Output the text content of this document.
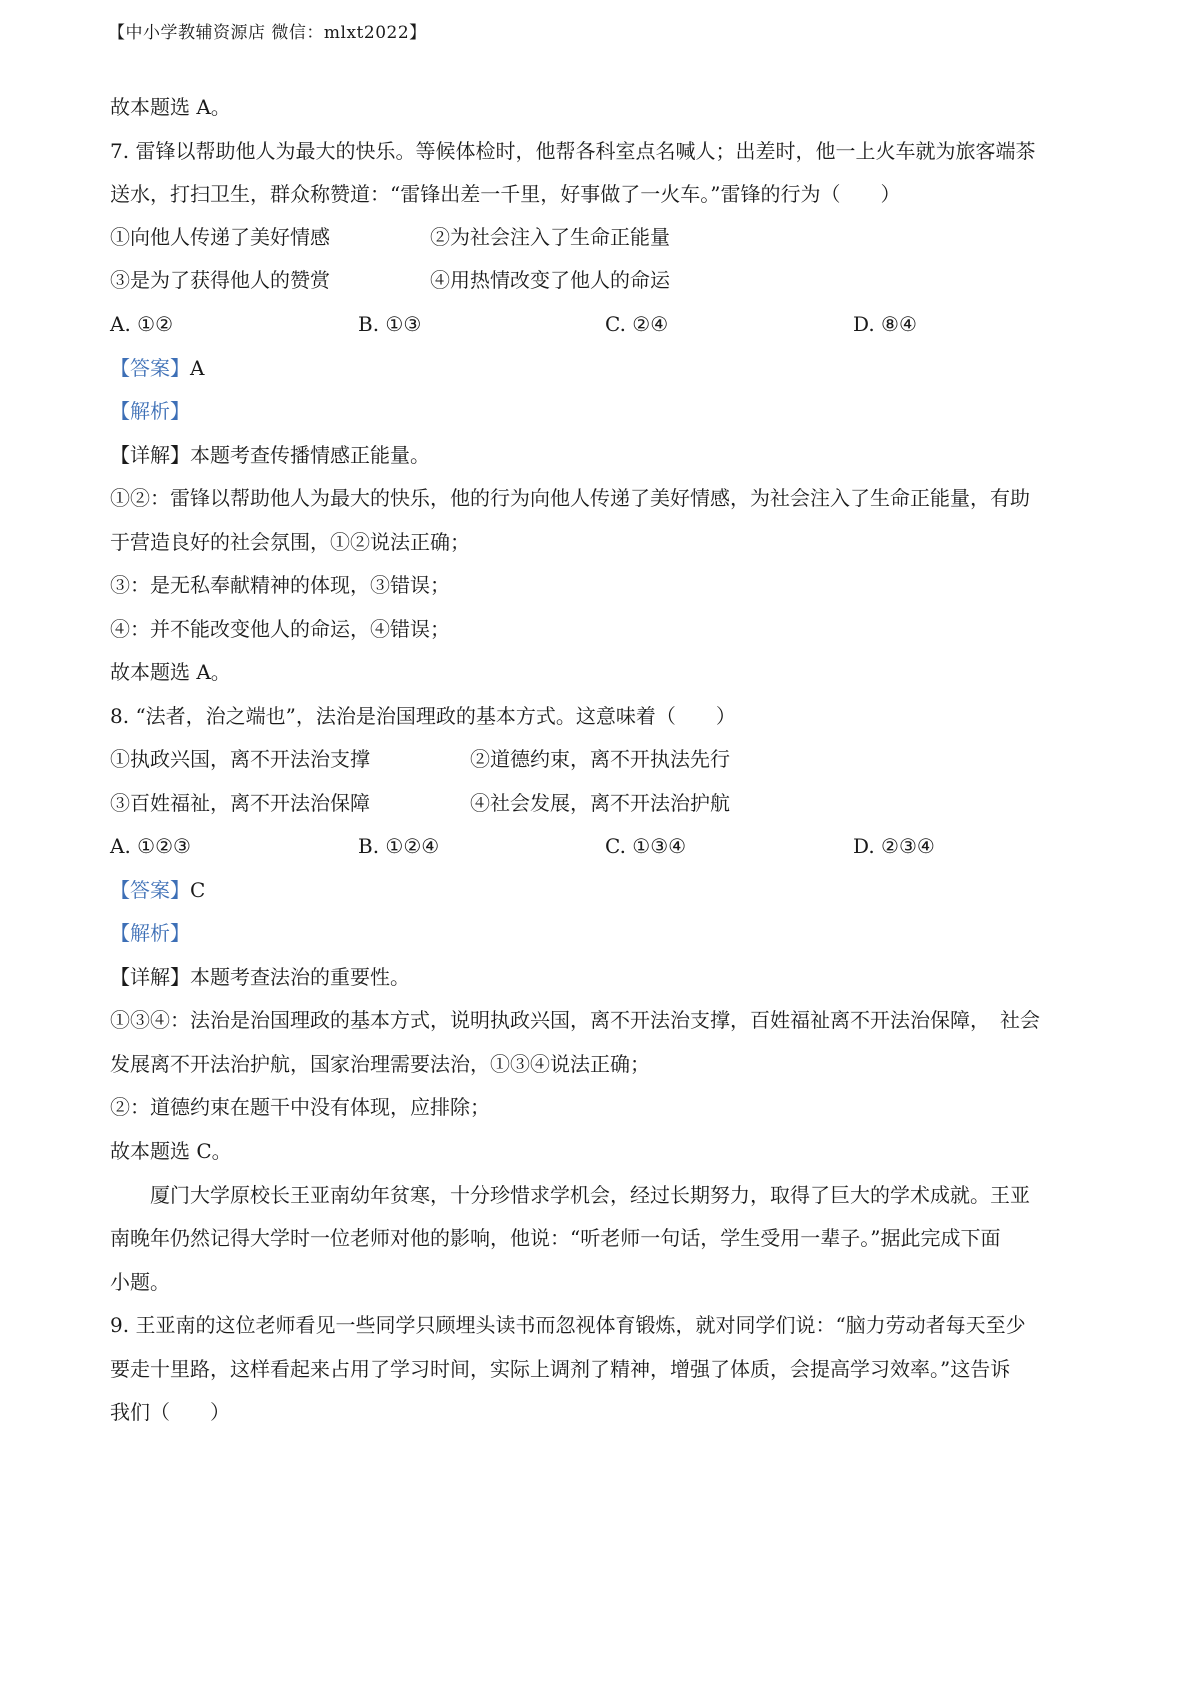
【中小学教辅资源店 微信：mlxt2022】
故本题选 A。
7. 雷锋以帮助他人为最大的快乐。等候体检时，他帮各科室点名喊人；出差时，他一上火车就为旅客端茶
送水，打扫卫生，群众称赞道：“雷锋出差一千里，好事做了一火车。”雷锋的行为（　　）
①向他人传递了美好情感	②为社会注入了生命正能量
③是为了获得他人的赞赏	④用热情改变了他人的命运
A. ①②	B. ①③	C. ②④	D. ⑧④
【答案】A
【解析】
【详解】本题考查传播情感正能量。
①②：雷锋以帮助他人为最大的快乐，他的行为向他人传递了美好情感，为社会注入了生命正能量，有助
于营造良好的社会氛围，①②说法正确；
③：是无私奉献精神的体现，③错误；
④：并不能改变他人的命运，④错误；
故本题选 A。
8. “法者，治之端也”，法治是治国理政的基本方式。这意味着（　　）
①执政兴国，离不开法治支撑	②道德约束，离不开执法先行
③百姓福祉，离不开法治保障	④社会发展，离不开法治护航
A. ①②③	B. ①②④	C. ①③④	D. ②③④
【答案】C
【解析】
【详解】本题考查法治的重要性。
①③④：法治是治国理政的基本方式，说明执政兴国，离不开法治支撑，百姓福祉离不开法治保障，　社会
发展离不开法治护航，国家治理需要法治，①③④说法正确；
②：道德约束在题干中没有体现，应排除；
故本题选 C。
　　厦门大学原校长王亚南幼年贫寒，十分珍惜求学机会，经过长期努力，取得了巨大的学术成就。王亚
南晚年仍然记得大学时一位老师对他的影响，他说：“听老师一句话，学生受用一辈子。”据此完成下面
小题。
9. 王亚南的这位老师看见一些同学只顾埋头读书而忽视体育锻炼，就对同学们说：“脑力劳动者每天至少
要走十里路，这样看起来占用了学习时间，实际上调剂了精神，增强了体质，会提高学习效率。”这告诉
我们（　　）
